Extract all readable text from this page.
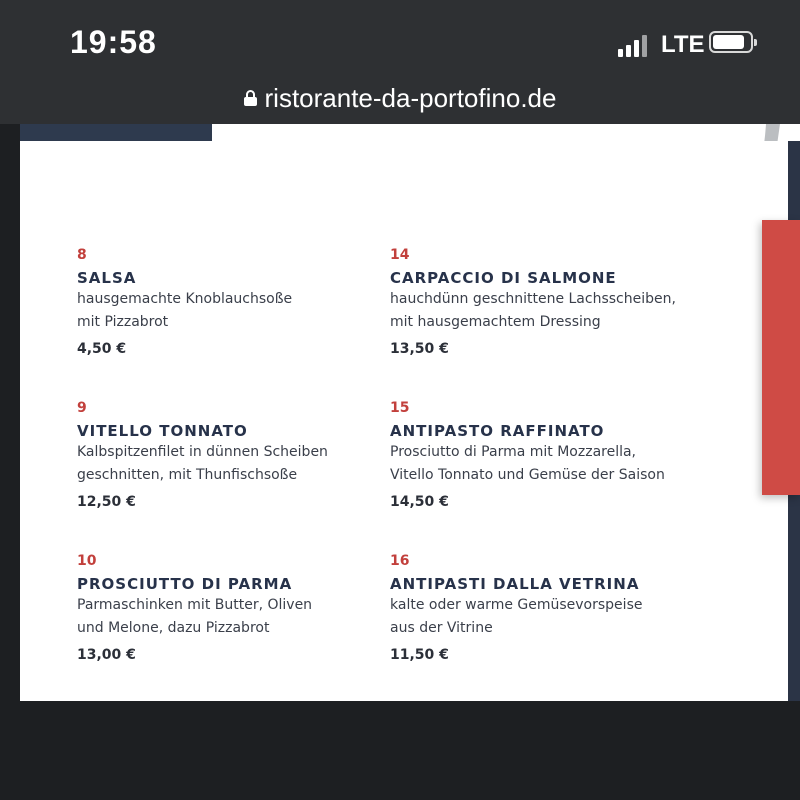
19:58	LTE
ristorante-da-portofino.de
8
SALSA
hausgemachte Knoblauchsoße
mit Pizzabrot
4,50 €
14
CARPACCIO DI SALMONE
hauchdünn geschnittene Lachsscheiben,
mit hausgemachtem Dressing
13,50 €
9
VITELLO TONNATO
Kalbspitzenfilet in dünnen Scheiben
geschnitten, mit Thunfischsoße
12,50 €
15
ANTIPASTO RAFFINATO
Prosciutto di Parma mit Mozzarella,
Vitello Tonnato und Gemüse der Saison
14,50 €
10
PROSCIUTTO DI PARMA
Parmaschinken mit Butter, Oliven
und Melone, dazu Pizzabrot
13,00 €
16
ANTIPASTI DALLA VETRINA
kalte oder warme Gemüsevorspeise
aus der Vitrine
11,50 €
